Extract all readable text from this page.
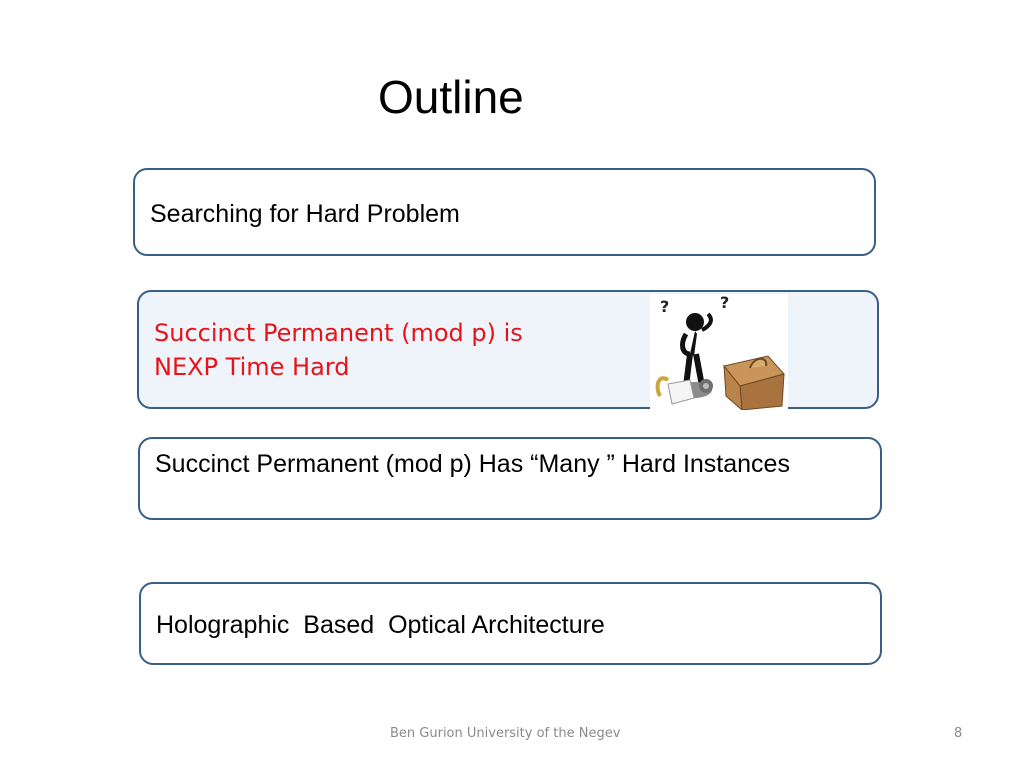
Outline
Searching for Hard Problem
Succinct Permanent (mod p) is
NEXP Time Hard
?	?
Succinct Permanent (mod p) Has “Many ” Hard Instances
Holographic  Based  Optical Architecture
Ben Gurion University of the Negev	8
